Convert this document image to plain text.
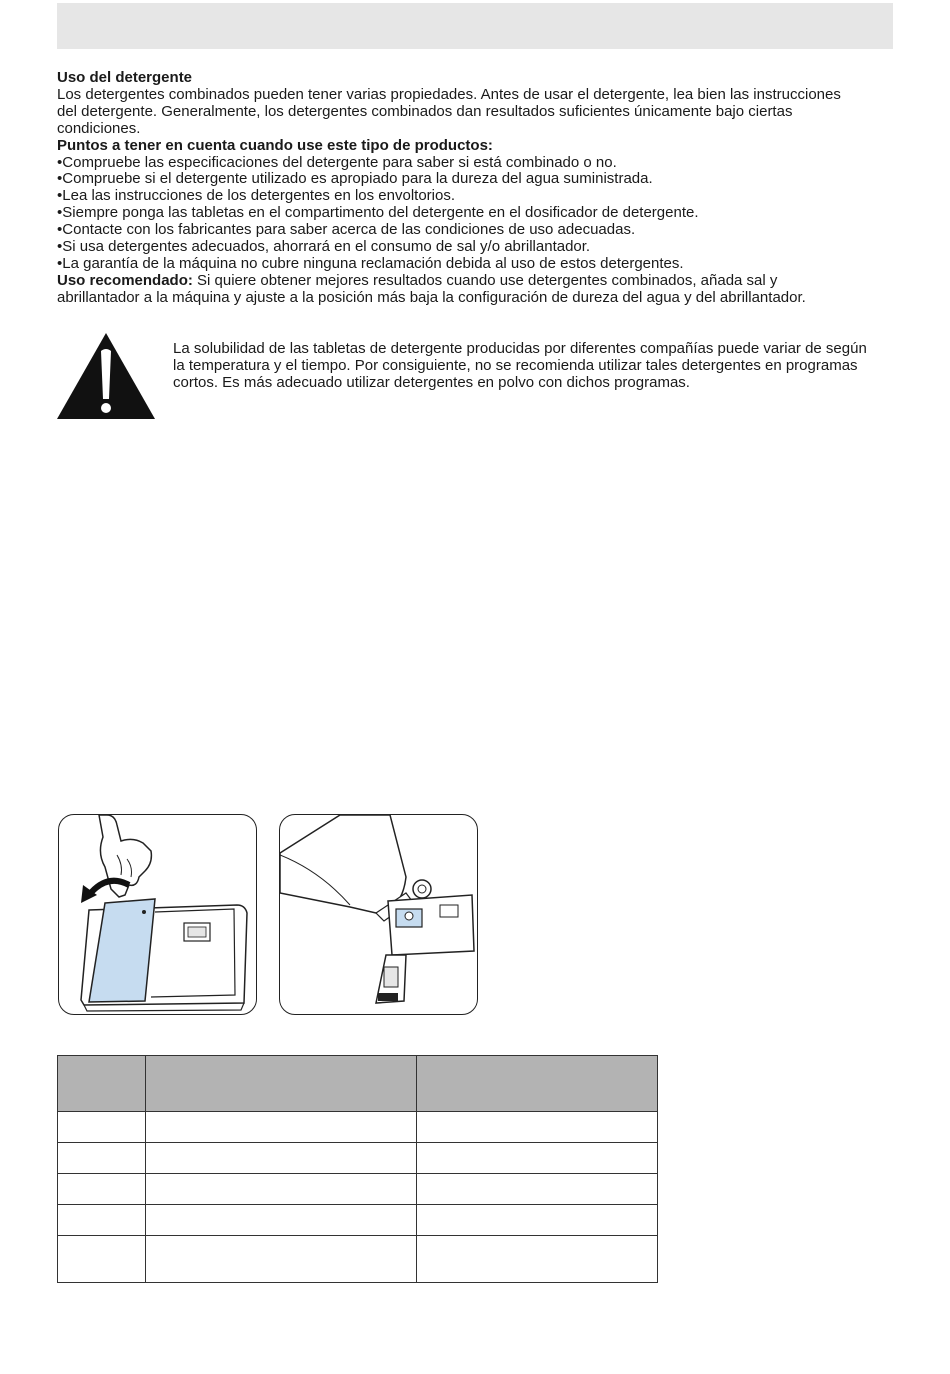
Uso del detergente

Los detergentes combinados pueden tener varias propiedades. Antes de usar el detergente, lea bien las instrucciones del detergente. Generalmente, los detergentes combinados dan resultados suficientes únicamente bajo ciertas condiciones.

Puntos a tener en cuenta cuando use este tipo de productos:

• Compruebe las especificaciones del detergente para saber si está combinado o no.
• Compruebe si el detergente utilizado es apropiado para la dureza del agua suministrada.
• Lea las instrucciones de los detergentes en los envoltorios.
• Siempre ponga las tabletas en el compartimento del detergente en el dosificador de detergente.
• Contacte con los fabricantes para saber acerca de las condiciones de uso adecuadas.
• Si usa detergentes adecuados, ahorrará en el consumo de sal y/o abrillantador.
• La garantía de la máquina no cubre ninguna reclamación debida al uso de estos detergentes.

Uso recomendado: Si quiere obtener mejores resultados cuando use detergentes combinados, añada sal y abrillantador a la máquina y ajuste a la posición más baja la configuración de dureza del agua y del abrillantador.

La solubilidad de las tabletas de detergente producidas por diferentes compañías puede variar de según la temperatura y el tiempo. Por consiguiente, no se recomienda utilizar tales detergentes en programas cortos. Es más adecuado utilizar detergentes en polvo con dichos programas.
